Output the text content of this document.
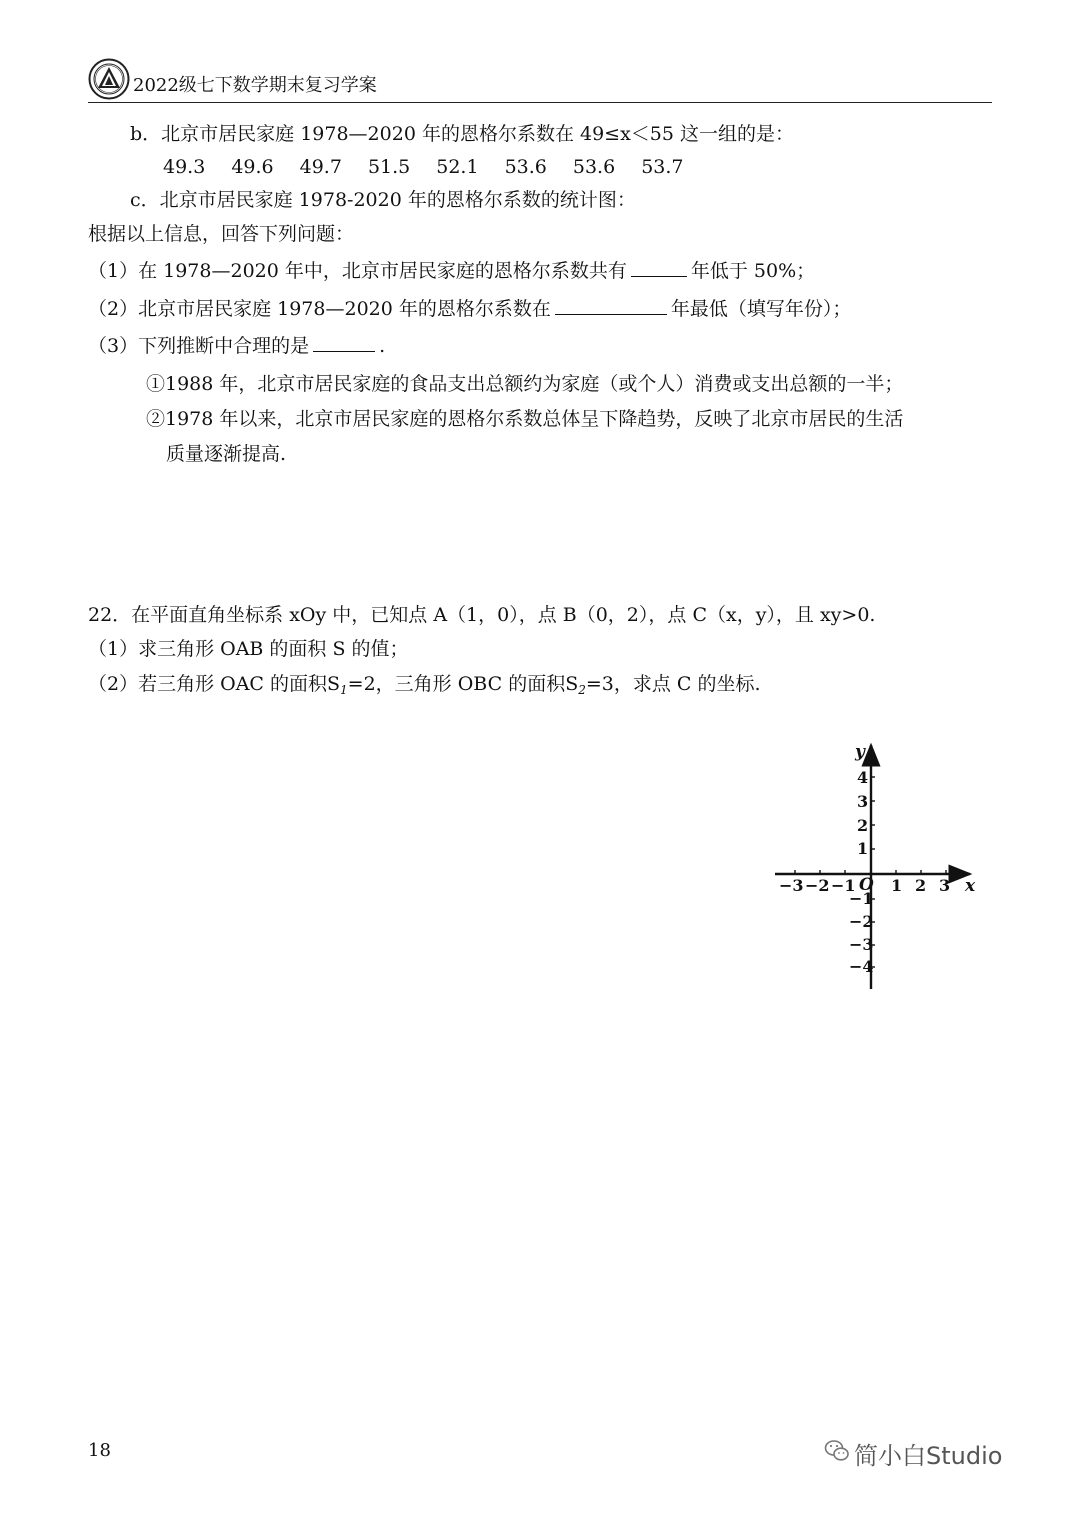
2022级七下数学期末复习学案
b．北京市居民家庭 1978—2020 年的恩格尔系数在 49≤x＜55 这一组的是：
49.3 49.6 49.7 51.5 52.1 53.6 53.6 53.7
c．北京市居民家庭 1978-2020 年的恩格尔系数的统计图：
根据以上信息，回答下列问题：
（1）在 1978—2020 年中，北京市居民家庭的恩格尔系数共有	年低于 50%；
（2）北京市居民家庭 1978—2020 年的恩格尔系数在	年最低（填写年份）；
（3）下列推断中合理的是	.
①1988 年，北京市居民家庭的食品支出总额约为家庭（或个人）消费或支出总额的一半；
②1978 年以来，北京市居民家庭的恩格尔系数总体呈下降趋势，反映了北京市居民的生活
质量逐渐提高.
22．在平面直角坐标系 xOy 中，已知点 A（1，0），点 B（0，2），点 C（x，y），且 xy>0.
（1）求三角形 OAB 的面积 S 的值；
（2）若三角形 OAC 的面积$S_1=2$，三角形 OBC 的面积$S_2=3$，求点 C 的坐标.
y
x
O
−3 −2 −1 1 2 3
4
3
2
1
−1
−2
−3
−4
18	简小白Studio
